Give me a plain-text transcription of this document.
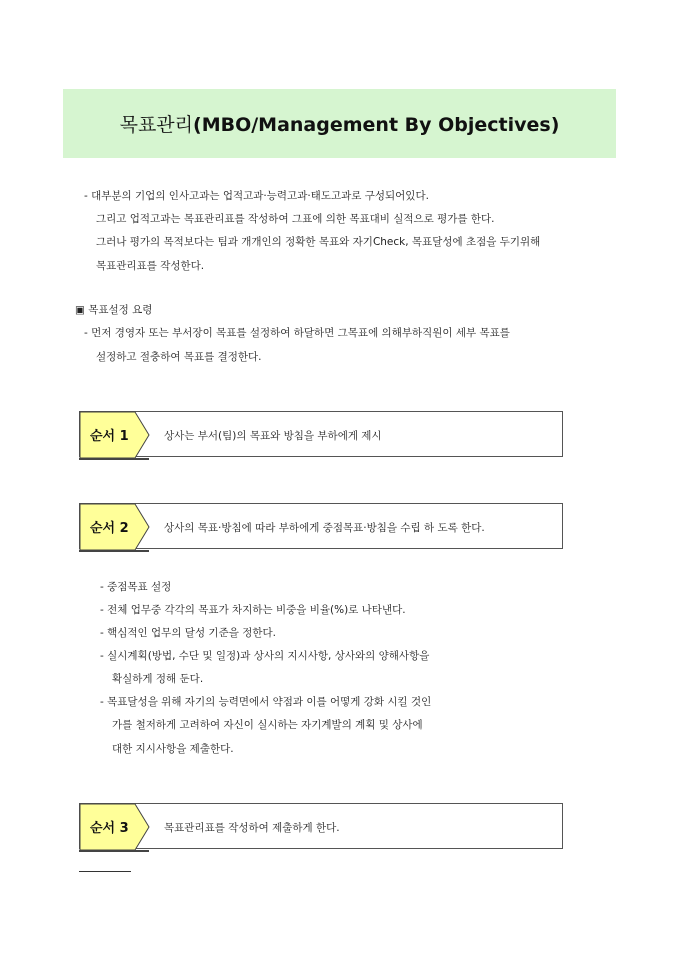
목표관리(MBO/Management By Objectives)
- 대부분의 기업의 인사고과는 업적고과·능력고과·태도고과로 구성되어있다.
그리고 업적고과는 목표관리표를 작성하여 그표에 의한 목표대비 실적으로 평가를 한다.
그러나 평가의 목적보다는 팀과 개개인의 정확한 목표와 자기Check, 목표달성에 초점을 두기위해
목표관리표를 작성한다.
▣ 목표설정 요령
- 먼저 경영자 또는 부서장이 목표를 설정하여 하달하면 그목표에 의해부하직원이 세부 목표를
설정하고 절충하여 목표를 결정한다.
순서 1	상사는 부서(팀)의 목표와 방침을 부하에게 제시
순서 2	상사의 목표·방침에 따라 부하에게 중점목표·방침을 수립 하 도록 한다.
- 중점목표 설정
- 전체 업무중 각각의 목표가 차지하는 비중을 비율(%)로 나타낸다.
- 핵심적인 업무의 달성 기준을 정한다.
- 실시계획(방법, 수단 및 일정)과 상사의 지시사항, 상사와의 양해사항을
확실하게 정해 둔다.
- 목표달성을 위해 자기의 능력면에서 약점과 이를 어떻게 강화 시킬 것인
가를 철저하게 고려하여 자신이 실시하는 자기계발의 계획 및 상사에
대한 지시사항을 제출한다.
순서 3	목표관리표를 작성하여 제출하게 한다.
